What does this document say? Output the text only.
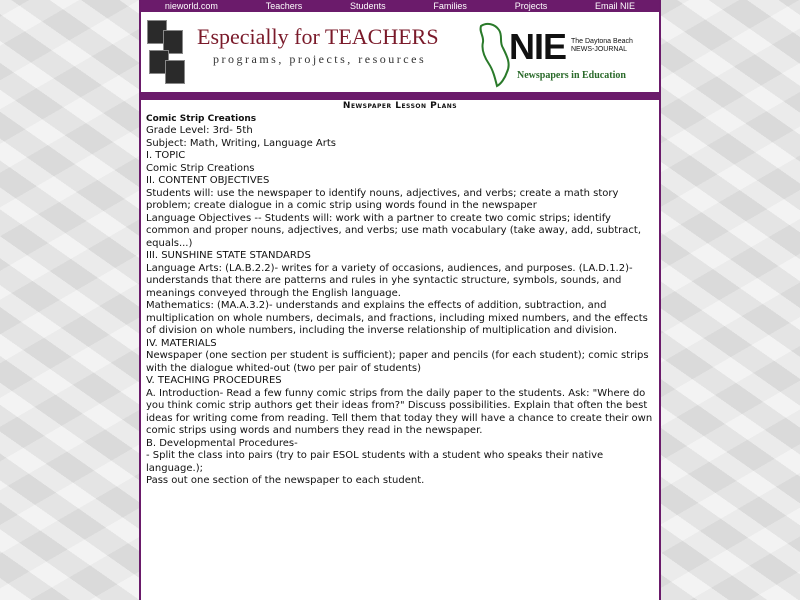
nieworld.com	Teachers	Students	Families	Projects	Email NIE
Especially for TEACHERS
programs, projects, resources NIE The Daytona Beach NEWS-JOURNAL
Newspapers in Education

Newspaper Lesson Plans

Comic Strip Creations

Grade Level: 3rd- 5th

Subject: Math, Writing, Language Arts

I. TOPIC

Comic Strip Creations

II. CONTENT OBJECTIVES

Students will: use the newspaper to identify nouns, adjectives, and verbs; create a math story problem; create dialogue in a comic strip using words found in the newspaper

Language Objectives -- Students will: work with a partner to create two comic strips; identify common and proper nouns, adjectives, and verbs; use math vocabulary (take away, add, subtract, equals...)

III. SUNSHINE STATE STANDARDS

Language Arts: (LA.B.2.2)- writes for a variety of occasions, audiences, and purposes. (LA.D.1.2)- understands that there are patterns and rules in yhe syntactic structure, symbols, sounds, and meanings conveyed through the English language.

Mathematics: (MA.A.3.2)- understands and explains the effects of addition, subtraction, and multiplication on whole numbers, decimals, and fractions, including mixed numbers, and the effects of division on whole numbers, including the inverse relationship of multiplication and division.

IV. MATERIALS

Newspaper (one section per student is sufficient); paper and pencils (for each student); comic strips with the dialogue whited-out (two per pair of students)

V. TEACHING PROCEDURES

A. Introduction- Read a few funny comic strips from the daily paper to the students. Ask: "Where do you think comic strip authors get their ideas from?" Discuss possibilities. Explain that often the best ideas for writing come from reading. Tell them that today they will have a chance to create their own comic strips using words and numbers they read in the newspaper.

B. Developmental Procedures-

- Split the class into pairs (try to pair ESOL students with a student who speaks their native language.);

Pass out one section of the newspaper to each student.
